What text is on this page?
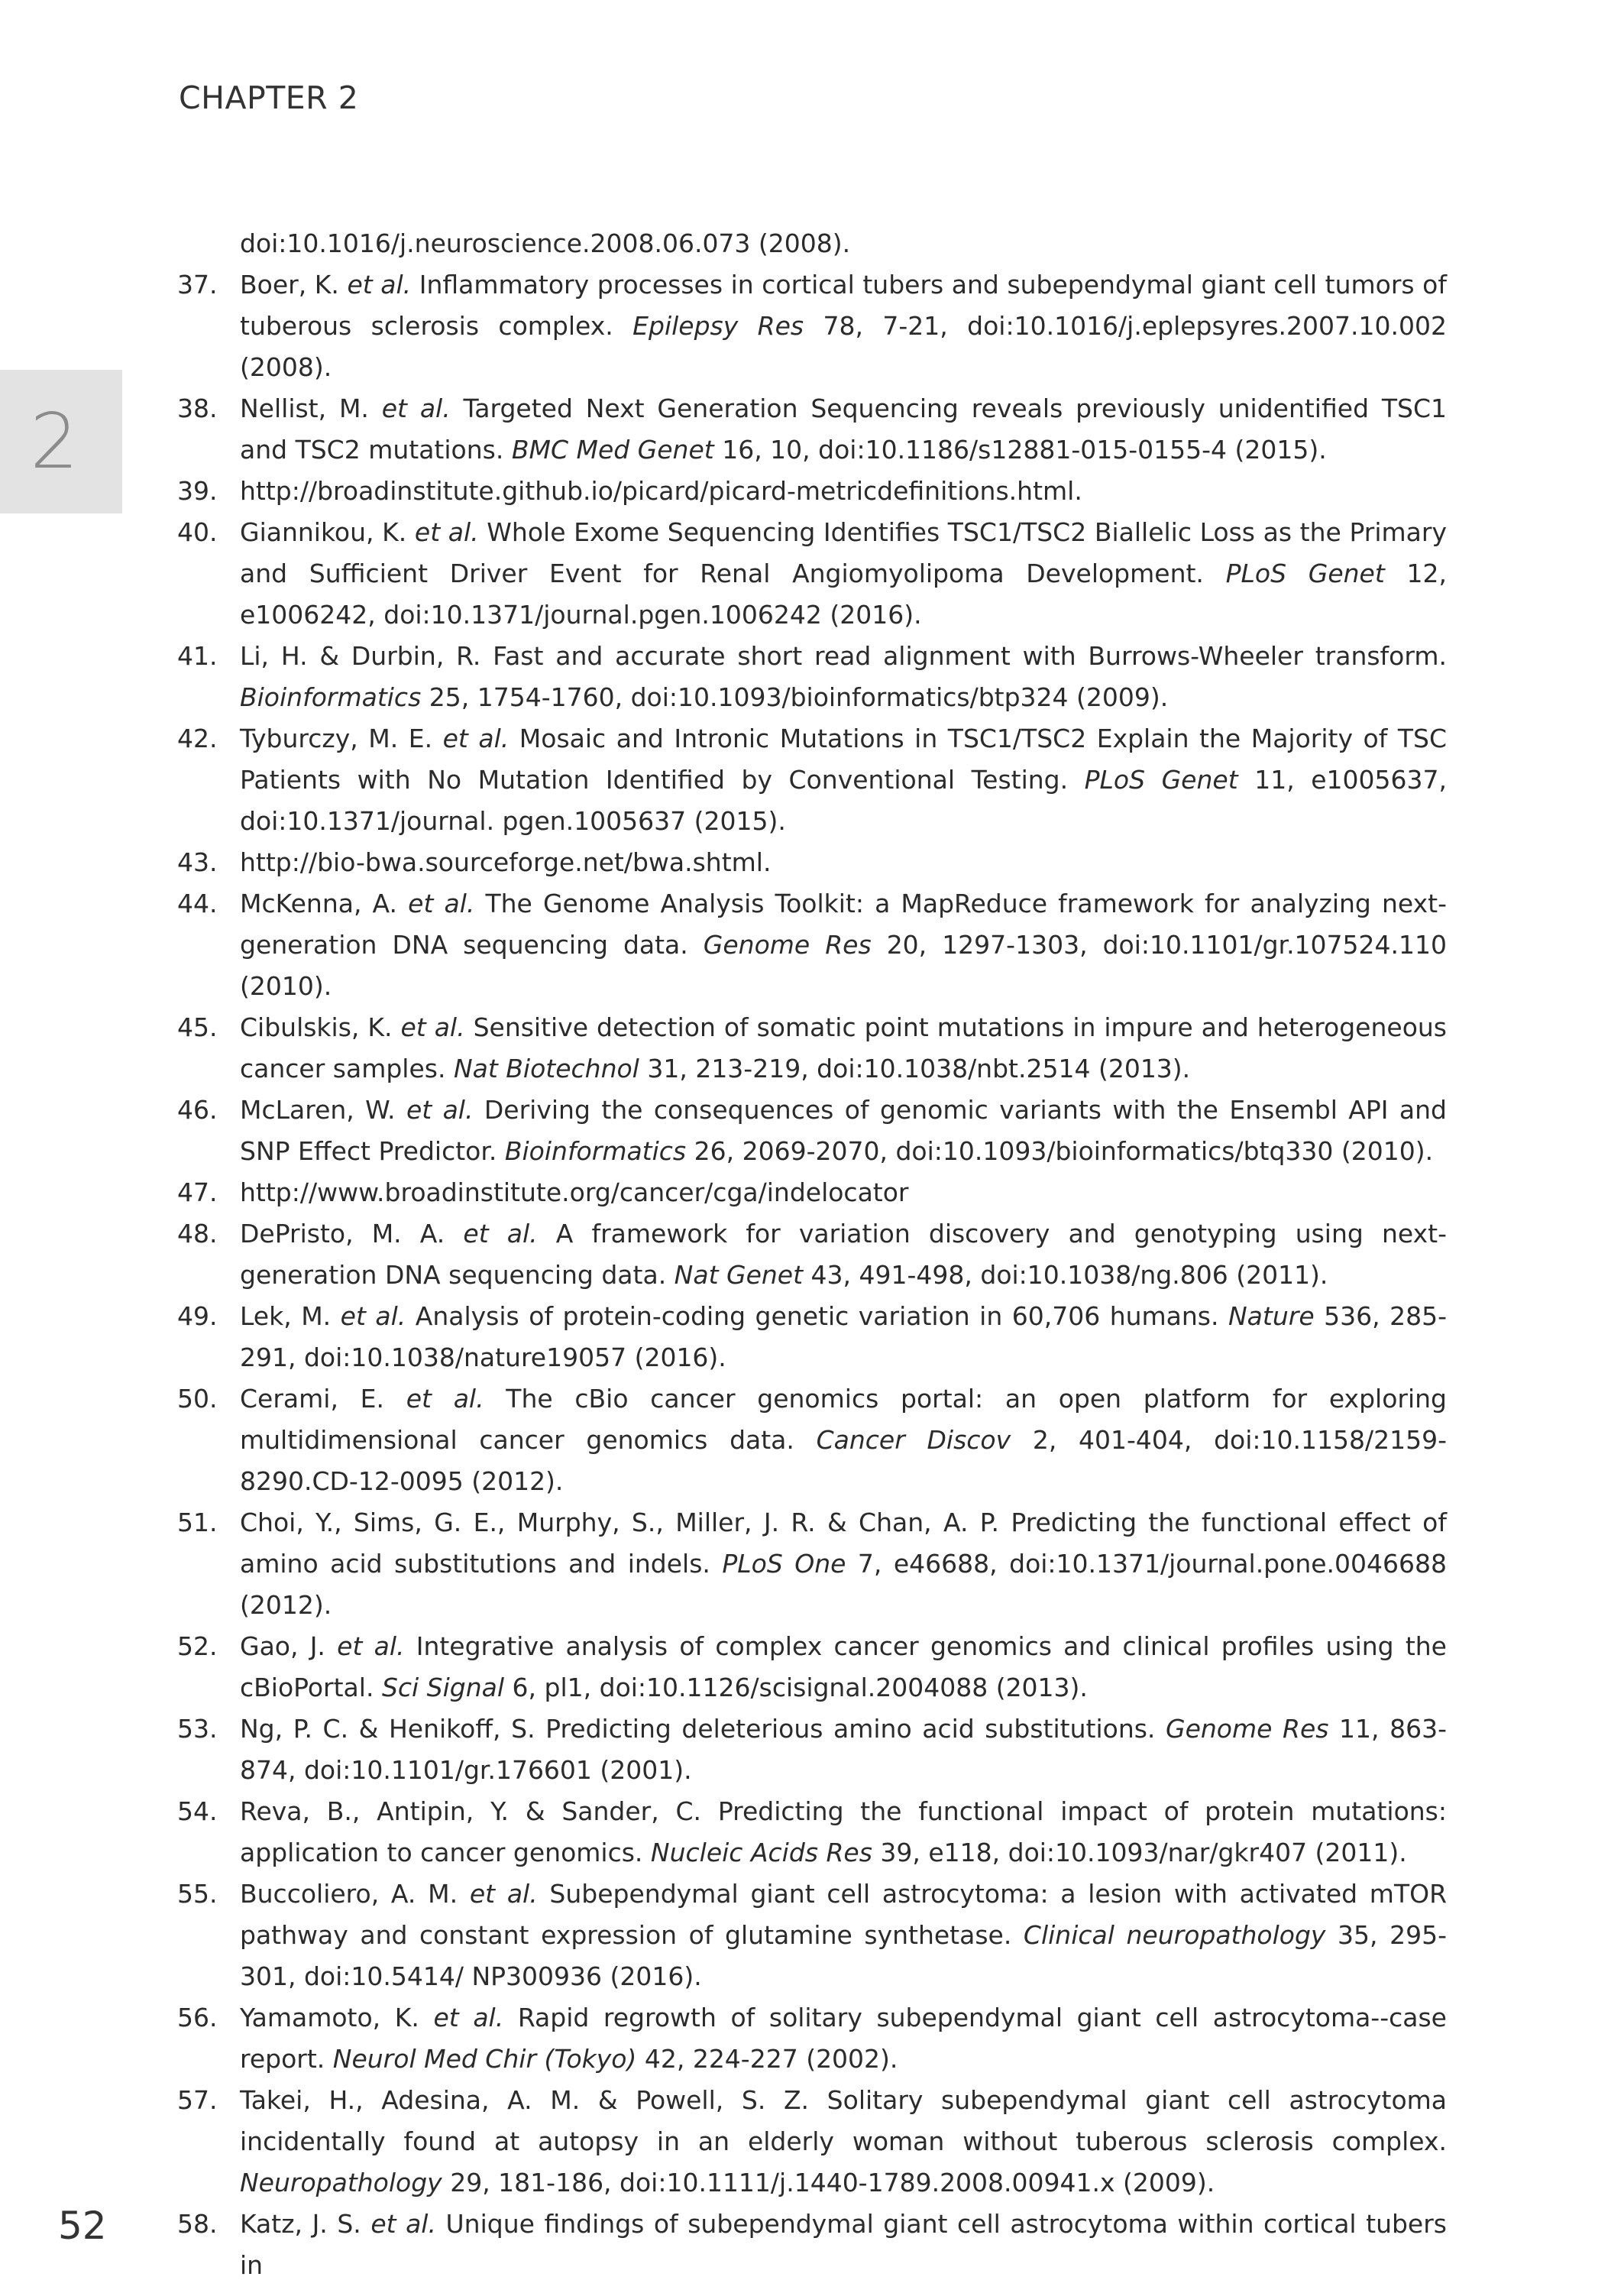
CHAPTER 2
2
doi:10.1016/j.neuroscience.2008.06.073 (2008).
37. Boer, K. et al. Inflammatory processes in cortical tubers and subependymal giant cell tumors of tuberous sclerosis complex. Epilepsy Res 78, 7-21, doi:10.1016/j.eplepsyres.2007.10.002 (2008).
38. Nellist, M. et al. Targeted Next Generation Sequencing reveals previously unidentified TSC1 and TSC2 mutations. BMC Med Genet 16, 10, doi:10.1186/s12881-015-0155-4 (2015).
39. http://broadinstitute.github.io/picard/picard-metricdefinitions.html.
40. Giannikou, K. et al. Whole Exome Sequencing Identifies TSC1/TSC2 Biallelic Loss as the Primary and Sufficient Driver Event for Renal Angiomyolipoma Development. PLoS Genet 12, e1006242, doi:10.1371/journal.pgen.1006242 (2016).
41. Li, H. & Durbin, R. Fast and accurate short read alignment with Burrows-Wheeler transform. Bioinformatics 25, 1754-1760, doi:10.1093/bioinformatics/btp324 (2009).
42. Tyburczy, M. E. et al. Mosaic and Intronic Mutations in TSC1/TSC2 Explain the Majority of TSC Patients with No Mutation Identified by Conventional Testing. PLoS Genet 11, e1005637, doi:10.1371/journal. pgen.1005637 (2015).
43. http://bio-bwa.sourceforge.net/bwa.shtml.
44. McKenna, A. et al. The Genome Analysis Toolkit: a MapReduce framework for analyzing next-generation DNA sequencing data. Genome Res 20, 1297-1303, doi:10.1101/gr.107524.110 (2010).
45. Cibulskis, K. et al. Sensitive detection of somatic point mutations in impure and heterogeneous cancer samples. Nat Biotechnol 31, 213-219, doi:10.1038/nbt.2514 (2013).
46. McLaren, W. et al. Deriving the consequences of genomic variants with the Ensembl API and SNP Effect Predictor. Bioinformatics 26, 2069-2070, doi:10.1093/bioinformatics/btq330 (2010).
47. http://www.broadinstitute.org/cancer/cga/indelocator
48. DePristo, M. A. et al. A framework for variation discovery and genotyping using next-generation DNA sequencing data. Nat Genet 43, 491-498, doi:10.1038/ng.806 (2011).
49. Lek, M. et al. Analysis of protein-coding genetic variation in 60,706 humans. Nature 536, 285-291, doi:10.1038/nature19057 (2016).
50. Cerami, E. et al. The cBio cancer genomics portal: an open platform for exploring multidimensional cancer genomics data. Cancer Discov 2, 401-404, doi:10.1158/2159-8290.CD-12-0095 (2012).
51. Choi, Y., Sims, G. E., Murphy, S., Miller, J. R. & Chan, A. P. Predicting the functional effect of amino acid substitutions and indels. PLoS One 7, e46688, doi:10.1371/journal.pone.0046688 (2012).
52. Gao, J. et al. Integrative analysis of complex cancer genomics and clinical profiles using the cBioPortal. Sci Signal 6, pl1, doi:10.1126/scisignal.2004088 (2013).
53. Ng, P. C. & Henikoff, S. Predicting deleterious amino acid substitutions. Genome Res 11, 863-874, doi:10.1101/gr.176601 (2001).
54. Reva, B., Antipin, Y. & Sander, C. Predicting the functional impact of protein mutations: application to cancer genomics. Nucleic Acids Res 39, e118, doi:10.1093/nar/gkr407 (2011).
55. Buccoliero, A. M. et al. Subependymal giant cell astrocytoma: a lesion with activated mTOR pathway and constant expression of glutamine synthetase. Clinical neuropathology 35, 295-301, doi:10.5414/ NP300936 (2016).
56. Yamamoto, K. et al. Rapid regrowth of solitary subependymal giant cell astrocytoma--case report. Neurol Med Chir (Tokyo) 42, 224-227 (2002).
57. Takei, H., Adesina, A. M. & Powell, S. Z. Solitary subependymal giant cell astrocytoma incidentally found at autopsy in an elderly woman without tuberous sclerosis complex. Neuropathology 29, 181-186, doi:10.1111/j.1440-1789.2008.00941.x (2009).
58. Katz, J. S. et al. Unique findings of subependymal giant cell astrocytoma within cortical tubers in
52
